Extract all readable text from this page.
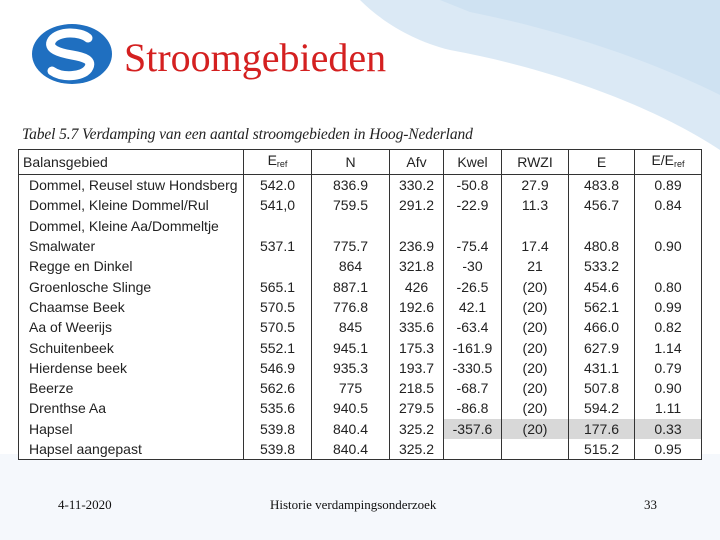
Stroomgebieden
Tabel 5.7 Verdamping van een aantal stroomgebieden in Hoog-Nederland
Balansgebied	$E_{ref}$	N	Afv	Kwel	RWZI	E	$E/E_{ref}$
Dommel, Reusel stuw Hondsberg	542.0	836.9	330.2	-50.8	27.9	483.8	0.89
Dommel, Kleine Dommel/Rul	541,0	759.5	291.2	-22.9	11.3	456.7	0.84
Dommel, Kleine Aa/Dommeltje							
Smalwater	537.1	775.7	236.9	-75.4	17.4	480.8	0.90
Regge en Dinkel		864	321.8	-30	21	533.2	
Groenlosche Slinge	565.1	887.1	426	-26.5	(20)	454.6	0.80
Chaamse Beek	570.5	776.8	192.6	42.1	(20)	562.1	0.99
Aa of Weerijs	570.5	845	335.6	-63.4	(20)	466.0	0.82
Schuitenbeek	552.1	945.1	175.3	-161.9	(20)	627.9	1.14
Hierdense beek	546.9	935.3	193.7	-330.5	(20)	431.1	0.79
Beerze	562.6	775	218.5	-68.7	(20)	507.8	0.90
Drenthse Aa	535.6	940.5	279.5	-86.8	(20)	594.2	1.11
Hapsel	539.8	840.4	325.2	-357.6	(20)	177.6	0.33
Hapsel aangepast	539.8	840.4	325.2			515.2	0.95
4-11-2020	Historie verdampingsonderzoek	33
